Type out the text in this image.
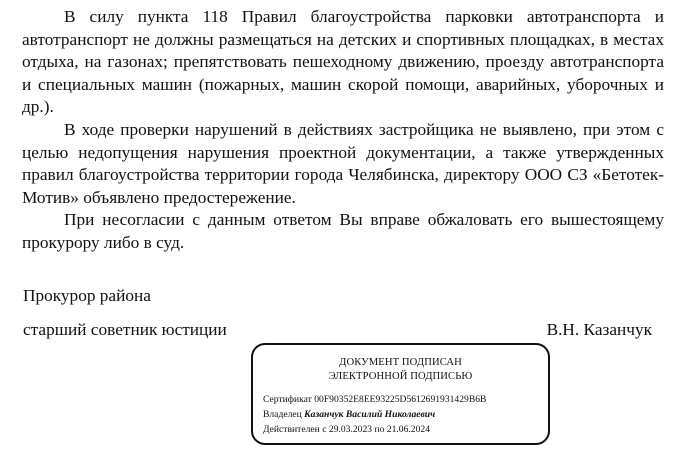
В силу пункта 118 Правил благоустройства парковки автотранспорта и автотранспорт не должны размещаться на детских и спортивных площадках, в местах отдыха, на газонах; препятствовать пешеходному движению, проезду автотранспорта и специальных машин (пожарных, машин скорой помощи, аварийных, уборочных и др.).

В ходе проверки нарушений в действиях застройщика не выявлено, при этом с целью недопущения нарушения проектной документации, а также утвержденных правил благоустройства территории города Челябинска, директору ООО СЗ «Бетотек-Мотив» объявлено предостережение.

При несогласии с данным ответом Вы вправе обжаловать его вышестоящему прокурору либо в суд.

Прокурор района
старший советник юстиции	В.Н. Казанчук
ДОКУМЕНТ ПОДПИСАН
ЭЛЕКТРОННОЙ ПОДПИСЬЮ
Сертификат 00F90352E8EE93225D5612691931429B6B
Владелец Казанчук Василий Николаевич
Действителен с 29.03.2023 по 21.06.2024
